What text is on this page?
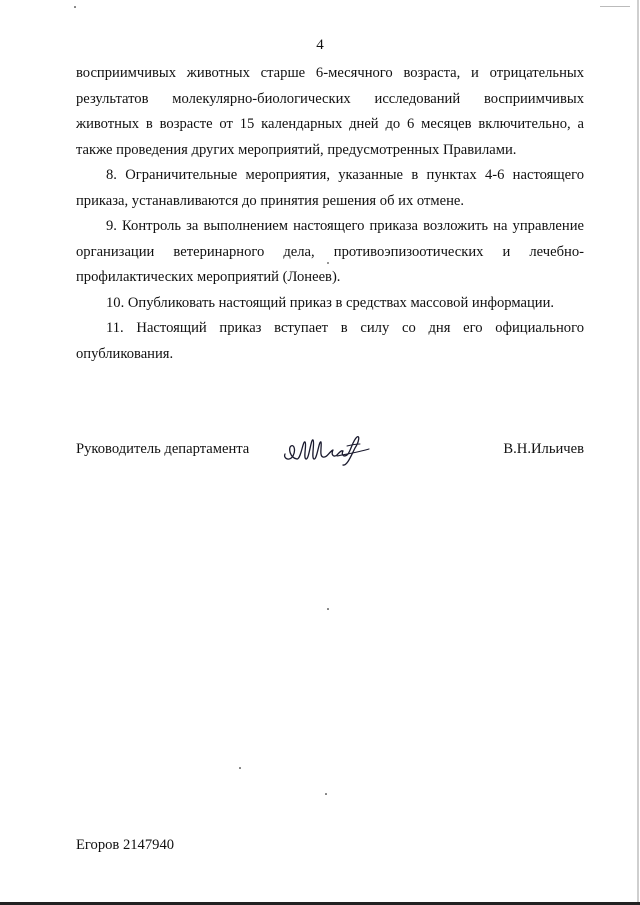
4

восприимчивых животных старше 6-месячного возраста, и отрицательных результатов молекулярно-биологических исследований восприимчивых животных в возрасте от 15 календарных дней до 6 месяцев включительно, а также проведения других мероприятий, предусмотренных Правилами.

8. Ограничительные мероприятия, указанные в пунктах 4-6 настоящего приказа, устанавливаются до принятия решения об их отмене.

9. Контроль за выполнением настоящего приказа возложить на управление организации ветеринарного дела, противоэпизоотических и лечебно-профилактических мероприятий (Лонеев).

10. Опубликовать настоящий приказ в средствах массовой информации.

11. Настоящий приказ вступает в силу со дня его официального опубликования.

Руководитель департамента	В.Н.Ильичев
Егоров 2147940
